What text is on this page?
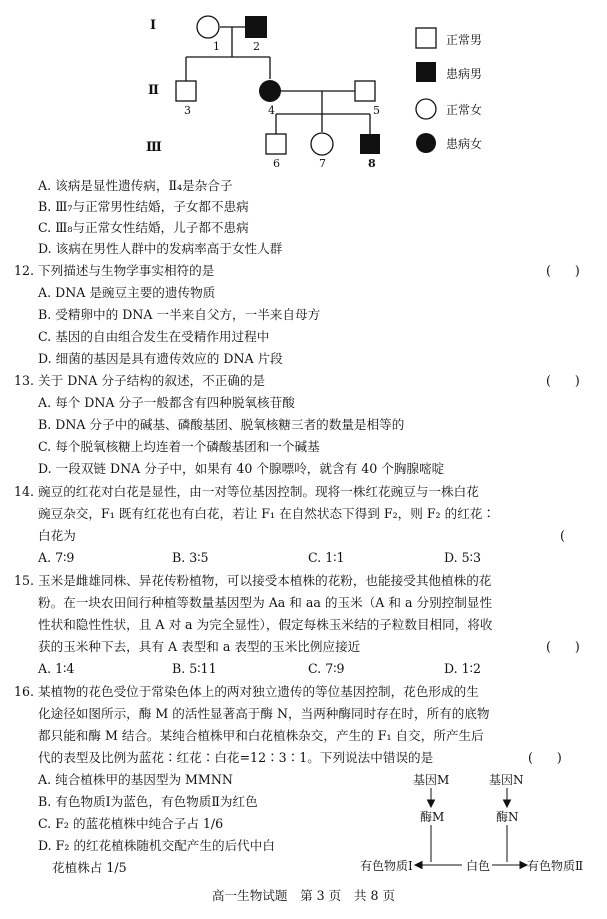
Ⅰ
Ⅱ
Ⅲ
1	2
3	4	5
6	7	8
正常男
患病男
正常女
患病女
A. 该病是显性遗传病，Ⅱ₄是杂合子
B. Ⅲ₇与正常男性结婚，子女都不患病
C. Ⅲ₈与正常女性结婚，儿子都不患病
D. 该病在男性人群中的发病率高于女性人群
12. 下列描述与生物学事实相符的是	(      )
A. DNA 是豌豆主要的遗传物质
B. 受精卵中的 DNA 一半来自父方，一半来自母方
C. 基因的自由组合发生在受精作用过程中
D. 细菌的基因是具有遗传效应的 DNA 片段
13. 关于 DNA 分子结构的叙述，不正确的是	(      )
A. 每个 DNA 分子一般都含有四种脱氧核苷酸
B. DNA 分子中的碱基、磷酸基团、脱氧核糖三者的数量是相等的
C. 每个脱氧核糖上均连着一个磷酸基团和一个碱基
D. 一段双链 DNA 分子中，如果有 40 个腺嘌呤，就含有 40 个胸腺嘧啶
14. 豌豆的红花对白花是显性，由一对等位基因控制。现将一株红花豌豆与一株白花
豌豆杂交，F₁ 既有红花也有白花，若让 F₁ 在自然状态下得到 F₂，则 F₂ 的红花∶
白花为	(
A. 7∶9	B. 3∶5	C. 1∶1	D. 5∶3
15. 玉米是雌雄同株、异花传粉植物，可以接受本植株的花粉，也能接受其他植株的花
粉。在一块农田间行种植等数量基因型为 Aa 和 aa 的玉米（A 和 a 分别控制显性
性状和隐性性状，且 A 对 a 为完全显性），假定每株玉米结的子粒数目相同，将收
获的玉米种下去，具有 A 表型和 a 表型的玉米比例应接近	(      )
A. 1∶4	B. 5∶11	C. 7∶9	D. 1∶2
16. 某植物的花色受位于常染色体上的两对独立遗传的等位基因控制，花色形成的生
化途径如图所示，酶 M 的活性显著高于酶 N，当两种酶同时存在时，所有的底物
都只能和酶 M 结合。某纯合植株甲和白花植株杂交，产生的 F₁ 自交，所产生后
代的表型及比例为蓝花∶红花∶白花=12∶3∶1。下列说法中错误的是	(      )
A. 纯合植株甲的基因型为 MMNN
B. 有色物质Ⅰ为蓝色，有色物质Ⅱ为红色
C. F₂ 的蓝花植株中纯合子占 1/6
D. F₂ 的红花植株随机交配产生的后代中白
花植株占 1/5
基因M	基因N
酶M	酶N
有色物质Ⅰ	白色	有色物质Ⅱ
高一生物试题　第 3 页　共 8 页
